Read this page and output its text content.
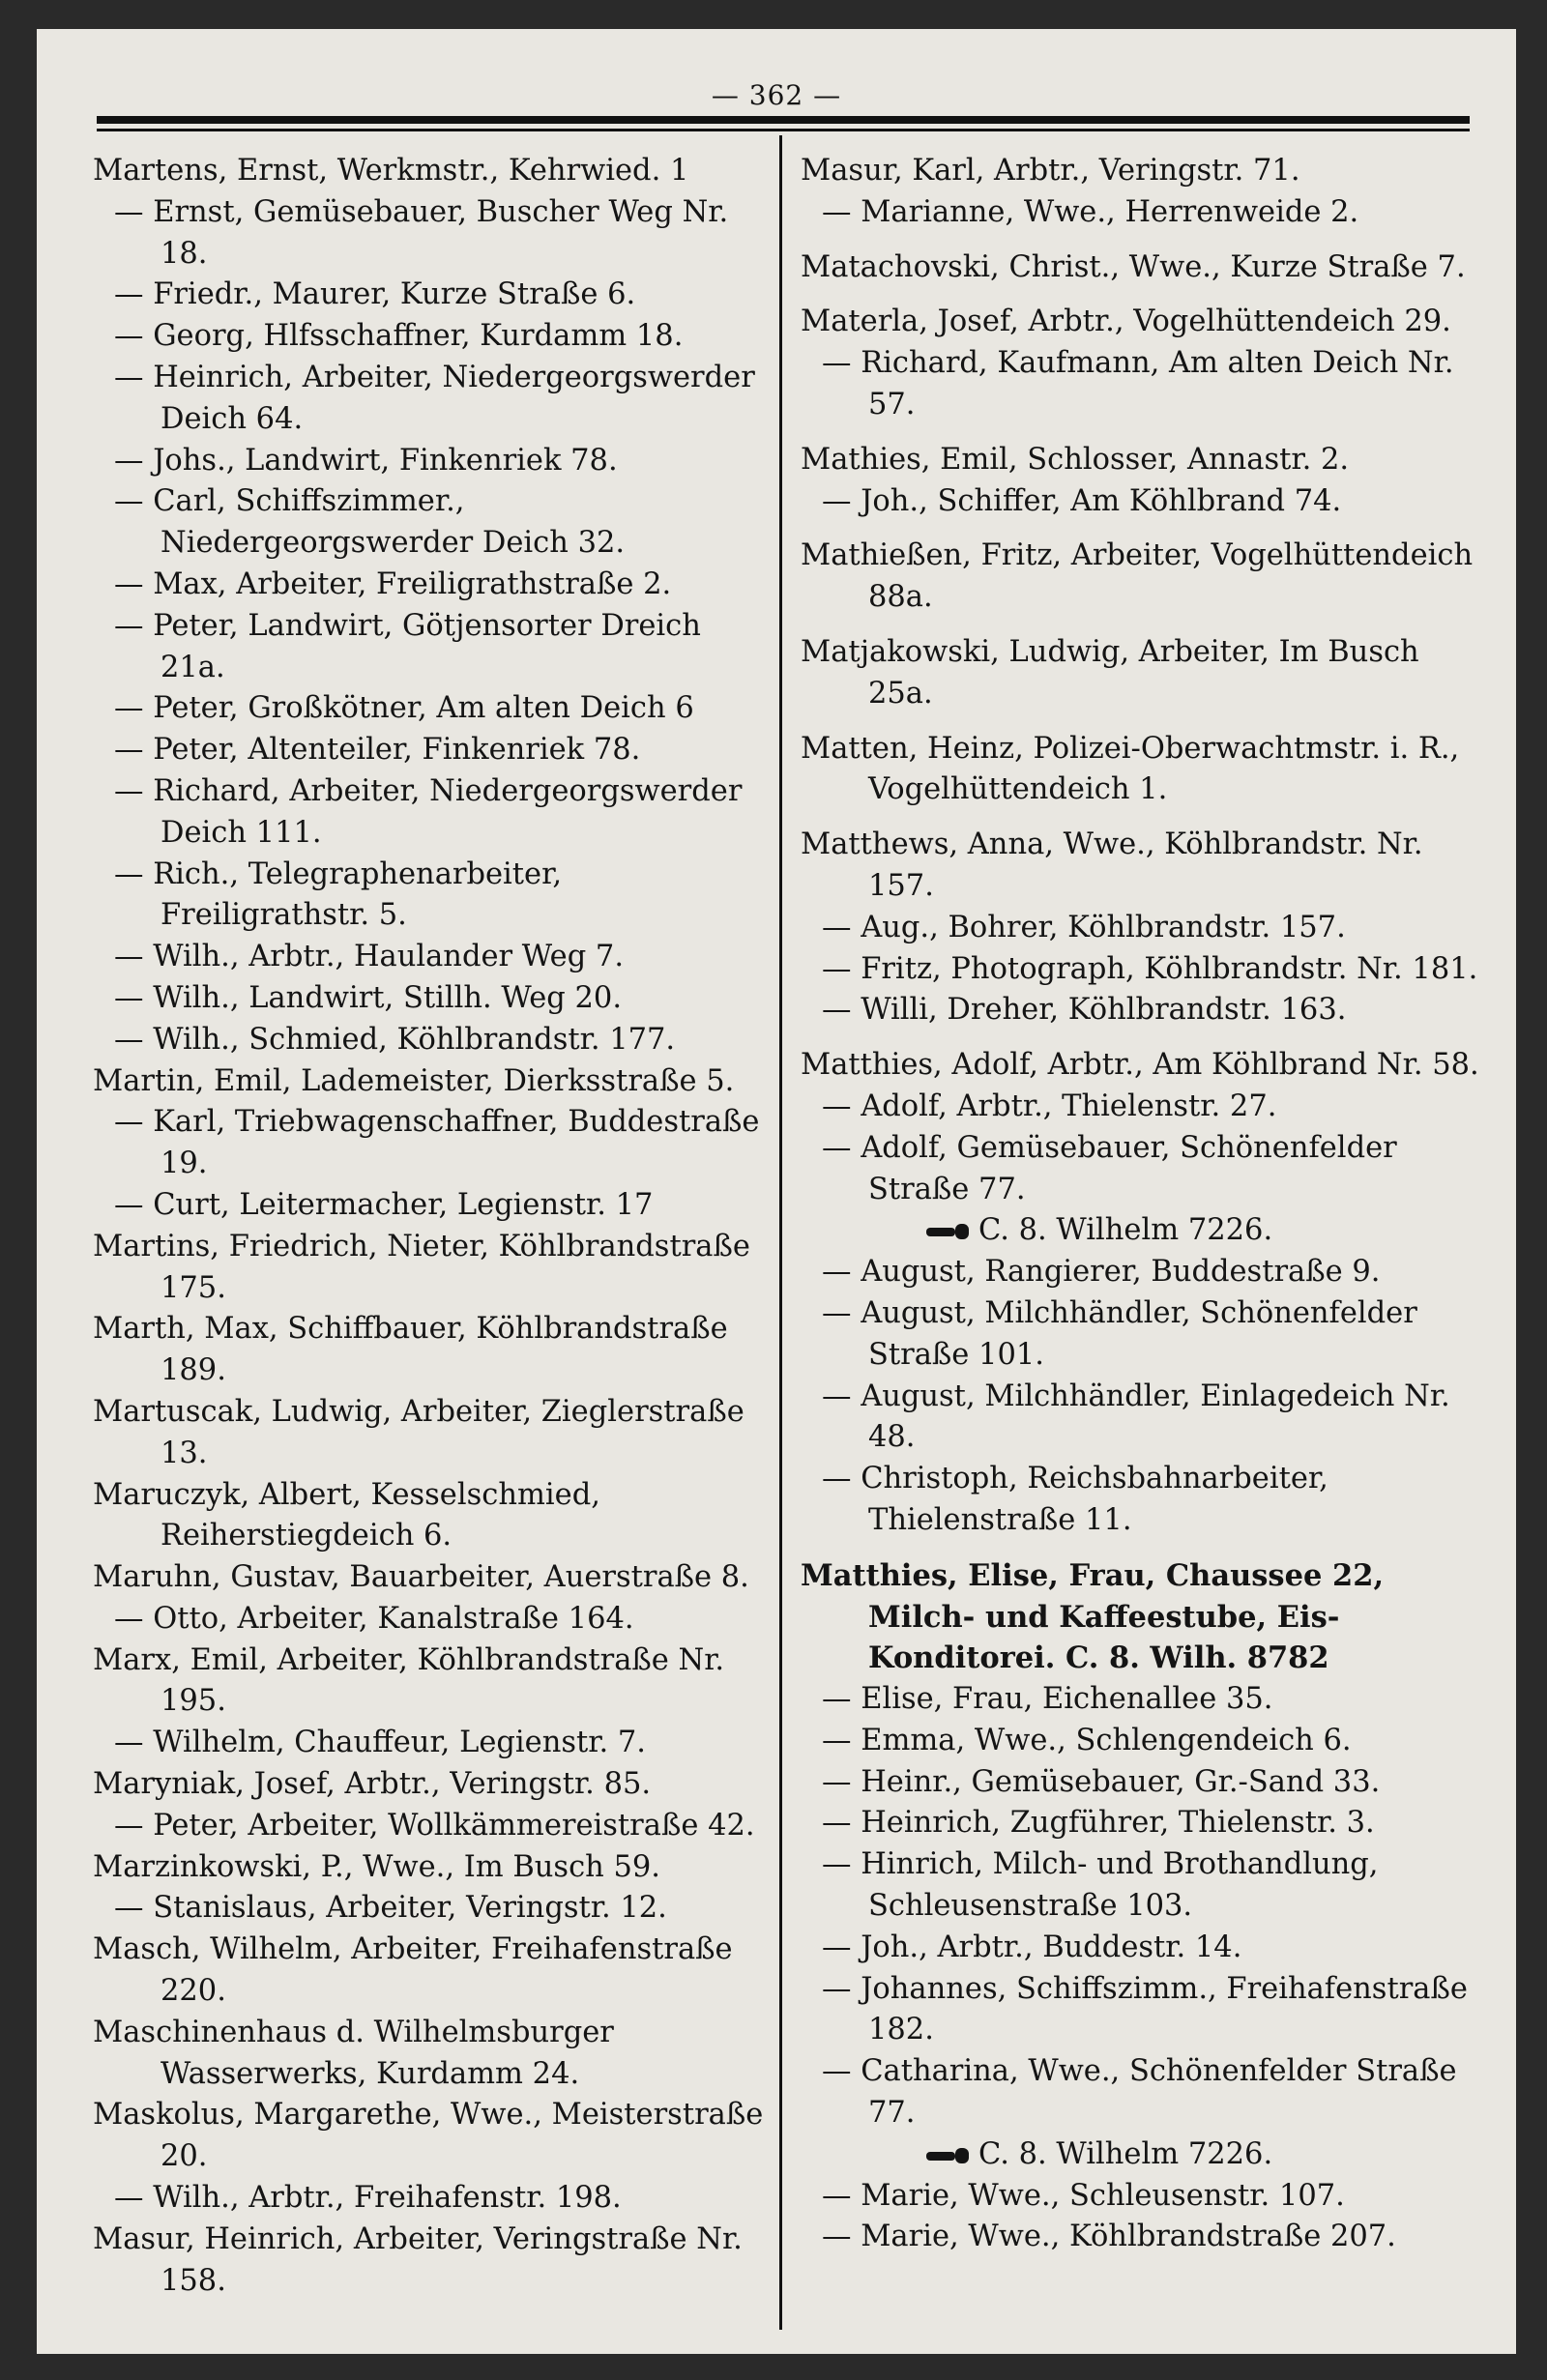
— 362 —

Martens, Ernst, Werkmstr., Kehrwied. 1

— Ernst, Gemüsebauer, Buscher Weg Nr. 18.

— Friedr., Maurer, Kurze Straße 6.

— Georg, Hlfsschaffner, Kurdamm 18.

— Heinrich, Arbeiter, Niedergeorgswerder Deich 64.

— Johs., Landwirt, Finkenriek 78.

— Carl, Schiffszimmer., Niedergeorgswerder Deich 32.

— Max, Arbeiter, Freiligrathstraße 2.

— Peter, Landwirt, Götjensorter Dreich 21a.

— Peter, Großkötner, Am alten Deich 6

— Peter, Altenteiler, Finkenriek 78.

— Richard, Arbeiter, Niedergeorgswerder Deich 111.

— Rich., Telegraphenarbeiter, Freiligrathstr. 5.

— Wilh., Arbtr., Haulander Weg 7.

— Wilh., Landwirt, Stillh. Weg 20.

— Wilh., Schmied, Köhlbrandstr. 177.

Martin, Emil, Lademeister, Dierksstraße 5.

— Karl, Triebwagenschaffner, Buddestraße 19.

— Curt, Leitermacher, Legienstr. 17

Martins, Friedrich, Nieter, Köhlbrandstraße 175.

Marth, Max, Schiffbauer, Köhlbrandstraße 189.

Martuscak, Ludwig, Arbeiter, Zieglerstraße 13.

Maruczyk, Albert, Kesselschmied, Reiherstiegdeich 6.

Maruhn, Gustav, Bauarbeiter, Auerstraße 8.

— Otto, Arbeiter, Kanalstraße 164.

Marx, Emil, Arbeiter, Köhlbrandstraße Nr. 195.

— Wilhelm, Chauffeur, Legienstr. 7.

Maryniak, Josef, Arbtr., Veringstr. 85.

— Peter, Arbeiter, Wollkämmereistraße 42.

Marzinkowski, P., Wwe., Im Busch 59.

— Stanislaus, Arbeiter, Veringstr. 12.

Masch, Wilhelm, Arbeiter, Freihafenstraße 220.

Maschinenhaus d. Wilhelmsburger Wasserwerks, Kurdamm 24.

Maskolus, Margarethe, Wwe., Meisterstraße 20.

— Wilh., Arbtr., Freihafenstr. 198.

Masur, Heinrich, Arbeiter, Veringstraße Nr. 158.

Masur, Karl, Arbtr., Veringstr. 71.

— Marianne, Wwe., Herrenweide 2.

Matachovski, Christ., Wwe., Kurze Straße 7.

Materla, Josef, Arbtr., Vogelhüttendeich 29.

— Richard, Kaufmann, Am alten Deich Nr. 57.

Mathies, Emil, Schlosser, Annastr. 2.

— Joh., Schiffer, Am Köhlbrand 74.

Mathießen, Fritz, Arbeiter, Vogelhüttendeich 88a.

Matjakowski, Ludwig, Arbeiter, Im Busch 25a.

Matten, Heinz, Polizei-Oberwachtmstr. i. R., Vogelhüttendeich 1.

Matthews, Anna, Wwe., Köhlbrandstr. Nr. 157.

— Aug., Bohrer, Köhlbrandstr. 157.

— Fritz, Photograph, Köhlbrandstr. Nr. 181.

— Willi, Dreher, Köhlbrandstr. 163.

Matthies, Adolf, Arbtr., Am Köhlbrand Nr. 58.

— Adolf, Arbtr., Thielenstr. 27.

— Adolf, Gemüsebauer, Schönenfelder Straße 77.

C. 8. Wilhelm 7226.

— August, Rangierer, Buddestraße 9.

— August, Milchhändler, Schönenfelder Straße 101.

— August, Milchhändler, Einlagedeich Nr. 48.

— Christoph, Reichsbahnarbeiter, Thielenstraße 11.

Matthies, Elise, Frau, Chaussee 22, Milch- und Kaffeestube, Eis-Konditorei. C. 8. Wilh. 8782

— Elise, Frau, Eichenallee 35.

— Emma, Wwe., Schlengendeich 6.

— Heinr., Gemüsebauer, Gr.-Sand 33.

— Heinrich, Zugführer, Thielenstr. 3.

— Hinrich, Milch- und Brothandlung, Schleusenstraße 103.

— Joh., Arbtr., Buddestr. 14.

— Johannes, Schiffszimm., Freihafenstraße 182.

— Catharina, Wwe., Schönenfelder Straße 77.

C. 8. Wilhelm 7226.

— Marie, Wwe., Schleusenstr. 107.

— Marie, Wwe., Köhlbrandstraße 207.
